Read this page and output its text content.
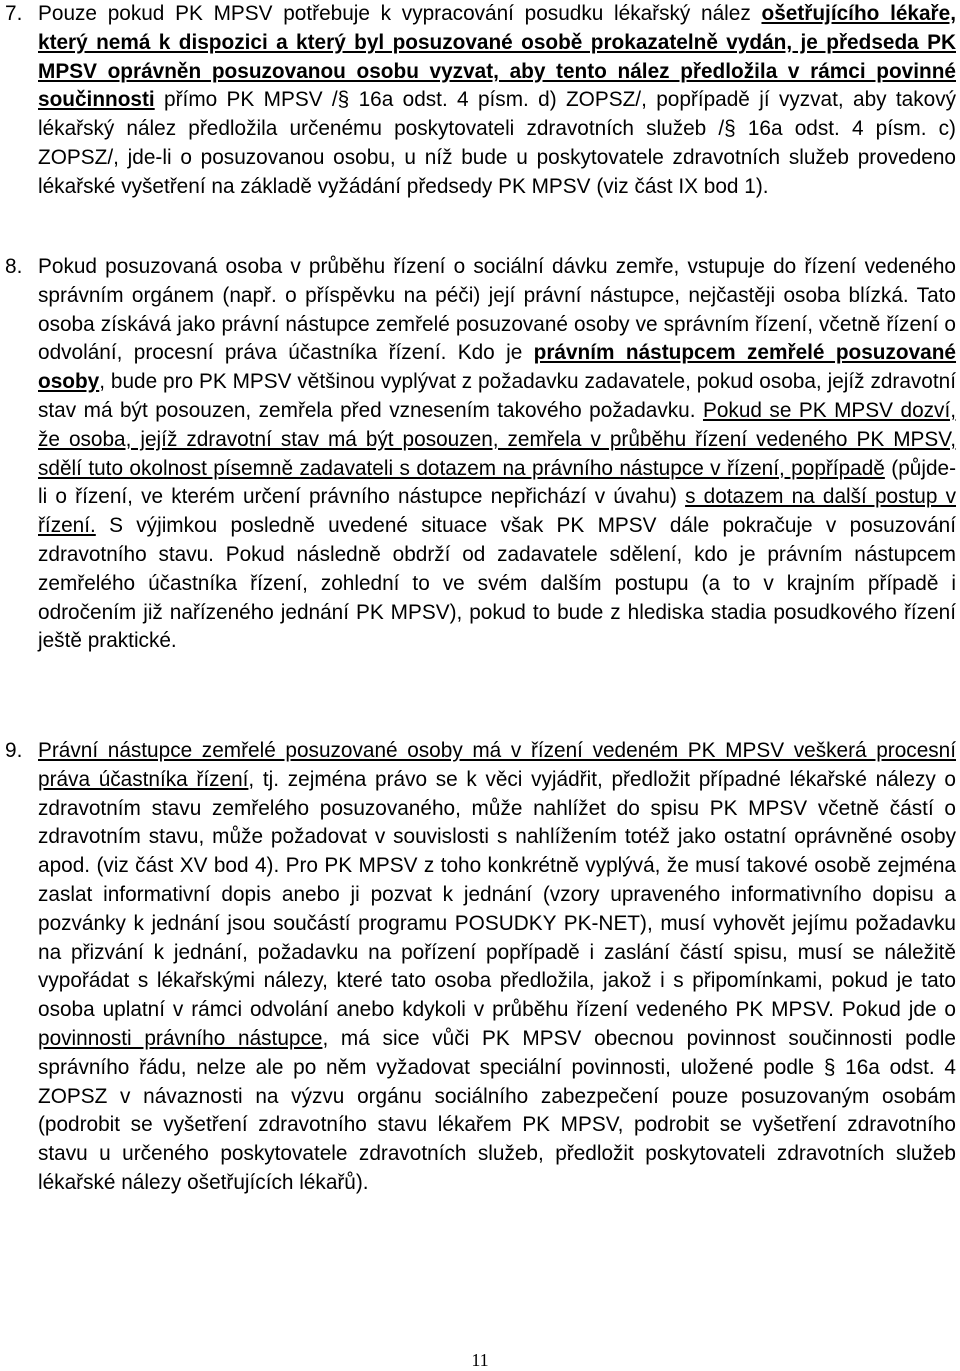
7. Pouze pokud PK MPSV potřebuje k vypracování posudku lékařský nález ošetřujícího lékaře, který nemá k dispozici a který byl posuzované osobě prokazatelně vydán, je předseda PK MPSV oprávněn posuzovanou osobu vyzvat, aby tento nález předložila v rámci povinné součinnosti přímo PK MPSV /§ 16a odst. 4 písm. d) ZOPSZ/, popřípadě jí vyzvat, aby takový lékařský nález předložila určenému poskytovateli zdravotních služeb /§ 16a odst. 4 písm. c) ZOPSZ/, jde-li o posuzovanou osobu, u níž bude u poskytovatele zdravotních služeb provedeno lékařské vyšetření na základě vyžádání předsedy PK MPSV (viz část IX bod 1).
8. Pokud posuzovaná osoba v průběhu řízení o sociální dávku zemře, vstupuje do řízení vedeného správním orgánem (např. o příspěvku na péči) její právní nástupce, nejčastěji osoba blízká. Tato osoba získává jako právní nástupce zemřelé posuzované osoby ve správním řízení, včetně řízení o odvolání, procesní práva účastníka řízení. Kdo je právním nástupcem zemřelé posuzované osoby, bude pro PK MPSV většinou vyplývat z požadavku zadavatele, pokud osoba, jejíž zdravotní stav má být posouzen, zemřela před vznesením takového požadavku. Pokud se PK MPSV dozví, že osoba, jejíž zdravotní stav má být posouzen, zemřela v průběhu řízení vedeného PK MPSV, sdělí tuto okolnost písemně zadavateli s dotazem na právního nástupce v řízení, popřípadě (půjde-li o řízení, ve kterém určení právního nástupce nepřichází v úvahu) s dotazem na další postup v řízení. S výjimkou posledně uvedené situace však PK MPSV dále pokračuje v posuzování zdravotního stavu. Pokud následně obdrží od zadavatele sdělení, kdo je právním nástupcem zemřelého účastníka řízení, zohlední to ve svém dalším postupu (a to v krajním případě i odročením již nařízeného jednání PK MPSV), pokud to bude z hlediska stadia posudkového řízení ještě praktické.
9. Právní nástupce zemřelé posuzované osoby má v řízení vedeném PK MPSV veškerá procesní práva účastníka řízení, tj. zejména právo se k věci vyjádřit, předložit případné lékařské nálezy o zdravotním stavu zemřelého posuzovaného, může nahlížet do spisu PK MPSV včetně částí o zdravotním stavu, může požadovat v souvislosti s nahlížením totéž jako ostatní oprávněné osoby apod. (viz část XV bod 4). Pro PK MPSV z toho konkrétně vyplývá, že musí takové osobě zejména zaslat informativní dopis anebo ji pozvat k jednání (vzory upraveného informativního dopisu a pozvánky k jednání jsou součástí programu POSUDKY PK-NET), musí vyhovět jejímu požadavku na přizvání k jednání, požadavku na pořízení popřípadě i zaslání částí spisu, musí se náležitě vypořádat s lékařskými nálezy, které tato osoba předložila, jakož i s připomínkami, pokud je tato osoba uplatní v rámci odvolání anebo kdykoli v průběhu řízení vedeného PK MPSV. Pokud jde o povinnosti právního nástupce, má sice vůči PK MPSV obecnou povinnost součinnosti podle správního řádu, nelze ale po něm vyžadovat speciální povinnosti, uložené podle § 16a odst. 4 ZOPSZ v návaznosti na výzvu orgánu sociálního zabezpečení pouze posuzovaným osobám (podrobit se vyšetření zdravotního stavu lékařem PK MPSV, podrobit se vyšetření zdravotního stavu u určeného poskytovatele zdravotních služeb, předložit poskytovateli zdravotních služeb lékařské nálezy ošetřujících lékařů).
11
